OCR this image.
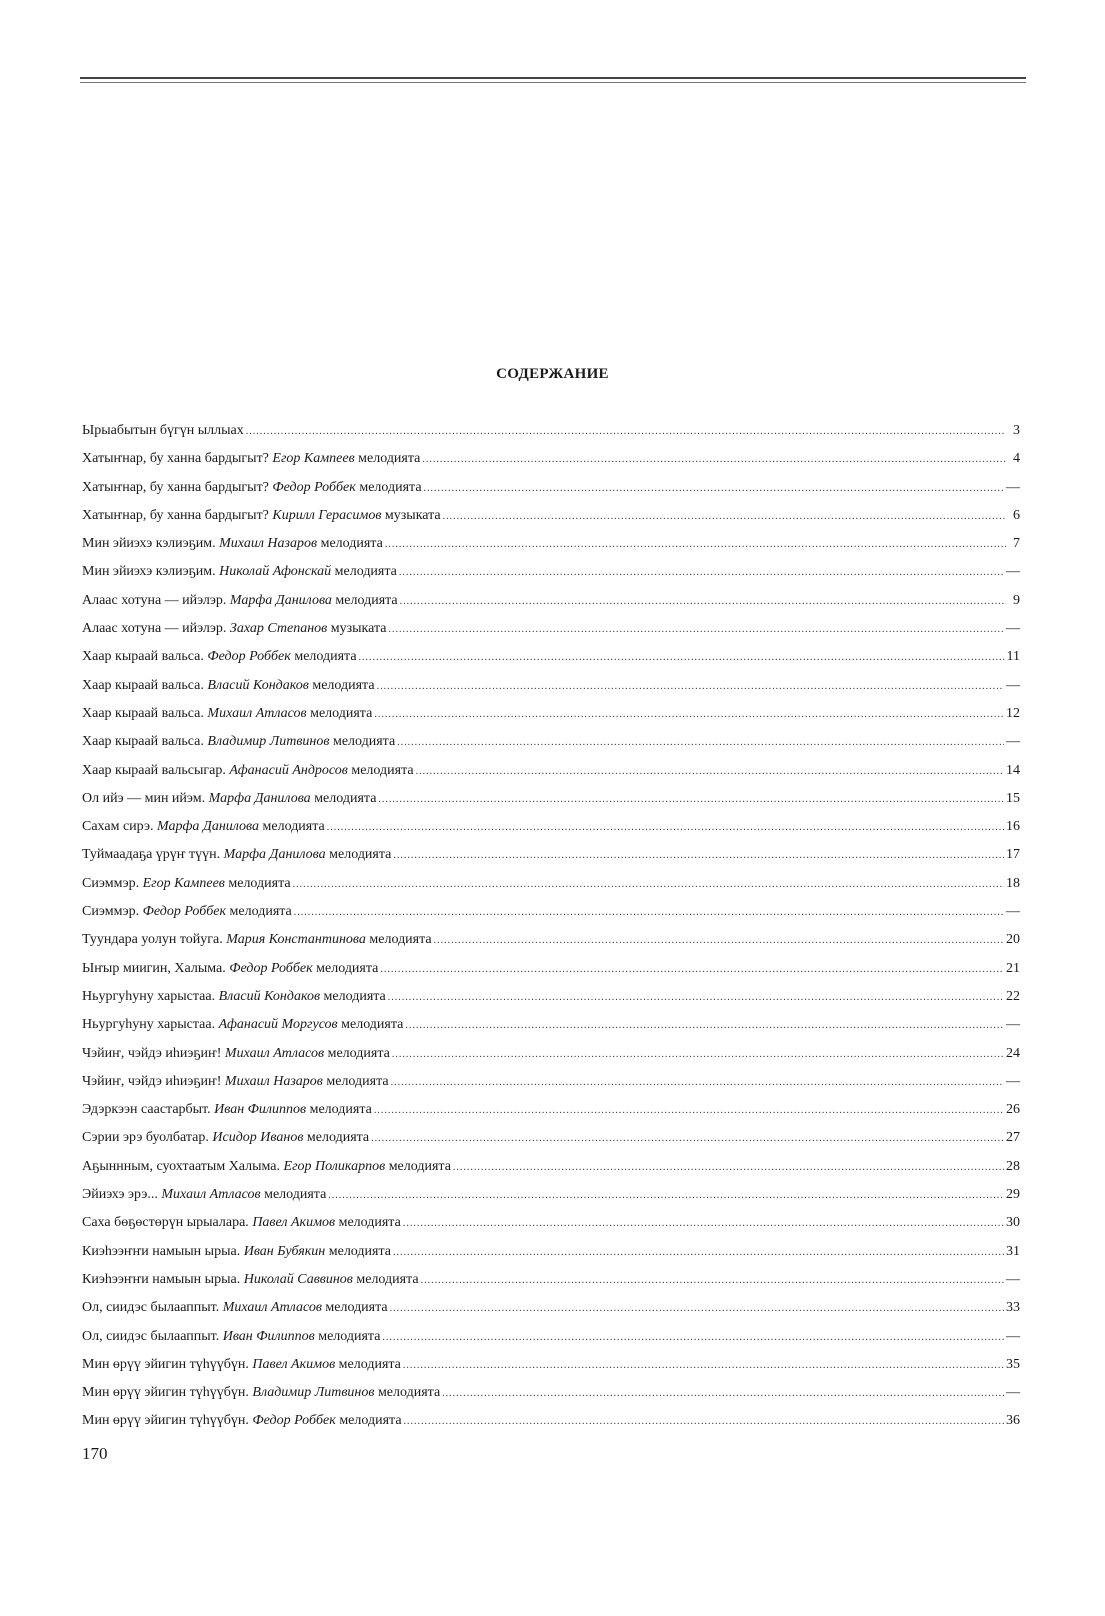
СОДЕРЖАНИЕ
Ырыабытын бүгүн ыллыах .....	3
Хатыҥнар, бу ханна бардыгыт? Егор Кампеев мелодията .....	4
Хатыҥнар, бу ханна бардыгыт? Федор Роббек мелодията .....	—
Хатыҥнар, бу ханна бардыгыт? Кирилл Герасимов музыката .....	6
Мин эйиэхэ кэлиэҕим. Михаил Назаров мелодията .....	7
Мин эйиэхэ кэлиэҕим. Николай Афонскай мелодията .....	—
Алаас хотуна — ийэлэр. Марфа Данилова мелодията .....	9
Алаас хотуна — ийэлэр. Захар Степанов музыката .....	—
Хаар кыраай вальса. Федор Роббек мелодията .....	11
Хаар кыраай вальса. Власий Кондаков мелодията .....	—
Хаар кыраай вальса. Михаил Атласов мелодията .....	12
Хаар кыраай вальса. Владимир Литвинов мелодията .....	—
Хаар кыраай вальсыгар. Афанасий Андросов мелодията .....	14
Ол ийэ — мин ийэм. Марфа Данилова мелодията .....	15
Сахам сирэ. Марфа Данилова мелодията .....	16
Туймаадаҕа үрүҥ түүн. Марфа Данилова мелодията .....	17
Сиэммэр. Егор Кампеев мелодията .....	18
Сиэммэр. Федор Роббек мелодията .....	—
Туундара уолун тойуга. Мария Константинова мелодията .....	20
Ыҥыр миигин, Халыма. Федор Роббек мелодията .....	21
Ньургуһуну харыстаа. Власий Кондаков мелодията .....	22
Ньургуһуну харыстаа. Афанасий Моргусов мелодията .....	—
Чэйиҥ, чэйдэ иһиэҕиҥ! Михаил Атласов мелодията .....	24
Чэйиҥ, чэйдэ иһиэҕиҥ! Михаил Назаров мелодията .....	—
Эдэркээн саастарбыт. Иван Филиппов мелодията .....	26
Сэрии эрэ буолбатар. Исидор Иванов мелодията .....	27
Аҕыннным, суохтаатым Халыма. Егор Поликарпов мелодията .....	28
Эйиэхэ эрэ... Михаил Атласов мелодията .....	29
Саха бөҕөстөрүн ырыалара. Павел Акимов мелодията .....	30
Киэһээҥҥи намыын ырыа. Иван Бубякин мелодията .....	31
Киэһээҥҥи намыын ырыа. Николай Саввинов мелодията .....	—
Ол, сиидэс былааппыт. Михаил Атласов мелодията .....	33
Ол, сиидэс былааппыт. Иван Филиппов мелодията .....	—
Мин өрүү эйигин түһүүбүн. Павел Акимов мелодията .....	35
Мин өрүү эйигин түһүүбүн. Владимир Литвинов мелодията .....	—
Мин өрүү эйигин түһүүбүн. Федор Роббек мелодията .....	36
170
